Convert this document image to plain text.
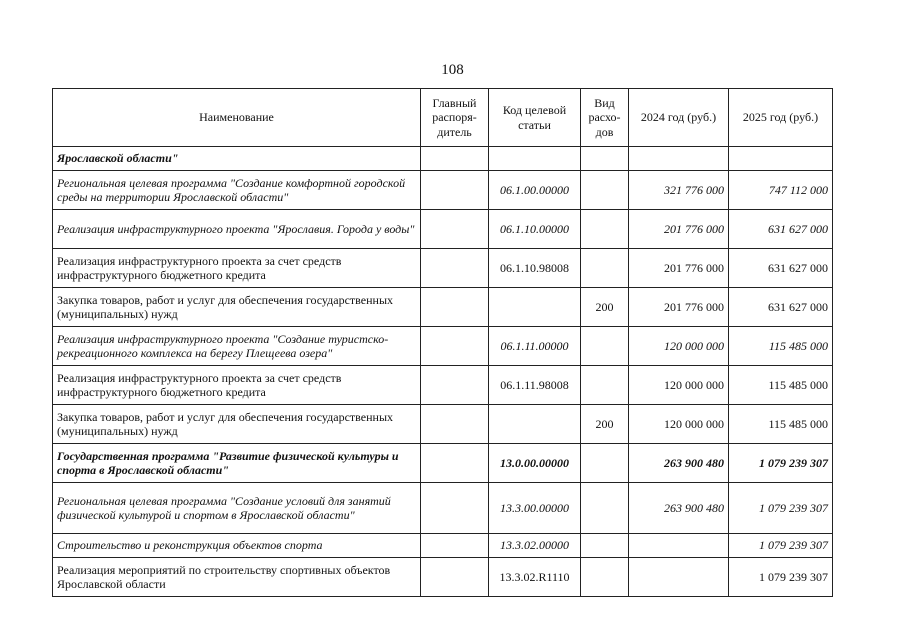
108
Наименование	Главный распоря-дитель	Код целевой статьи	Вид расхо-дов	2024 год (руб.)	2025 год (руб.)
Ярославской области"					
Региональная целевая программа "Создание комфортной городской среды на территории Ярославской области"		06.1.00.00000		321 776 000	747 112 000
Реализация инфраструктурного проекта "Ярославия. Города у воды"		06.1.10.00000		201 776 000	631 627 000
Реализация инфраструктурного проекта за счет средств инфраструктурного бюджетного кредита		06.1.10.98008		201 776 000	631 627 000
Закупка товаров, работ и услуг для обеспечения государственных (муниципальных) нужд			200	201 776 000	631 627 000
Реализация инфраструктурного проекта "Создание туристско-рекреационного комплекса на берегу Плещеева озера"		06.1.11.00000		120 000 000	115 485 000
Реализация инфраструктурного проекта за счет средств инфраструктурного бюджетного кредита		06.1.11.98008		120 000 000	115 485 000
Закупка товаров, работ и услуг для обеспечения государственных (муниципальных) нужд			200	120 000 000	115 485 000
Государственная программа "Развитие физической культуры и спорта в Ярославской области"		13.0.00.00000		263 900 480	1 079 239 307
Региональная целевая программа "Создание условий для занятий физической культурой и спортом в Ярославской области"		13.3.00.00000		263 900 480	1 079 239 307
Строительство и реконструкция объектов спорта		13.3.02.00000			1 079 239 307
Реализация мероприятий по строительству спортивных объектов Ярославской области		13.3.02.R1110			1 079 239 307
